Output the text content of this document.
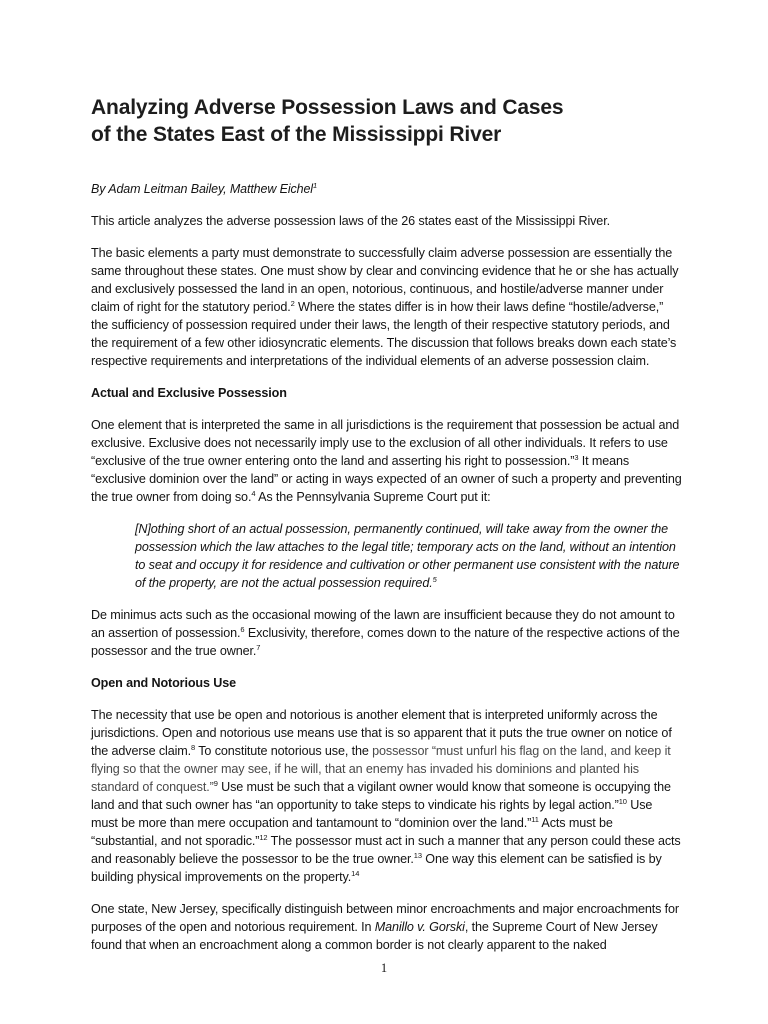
Analyzing Adverse Possession Laws and Cases
of the States East of the Mississippi River

By Adam Leitman Bailey, Matthew Eichel$^1$

This article analyzes the adverse possession laws of the 26 states east of the Mississippi River.

The basic elements a party must demonstrate to successfully claim adverse possession are essentially the same throughout these states. One must show by clear and convincing evidence that he or she has actually and exclusively possessed the land in an open, notorious, continuous, and hostile/adverse manner under claim of right for the statutory period.$^2$ Where the states differ is in how their laws define “hostile/adverse,” the sufficiency of possession required under their laws, the length of their respective statutory periods, and the requirement of a few other idiosyncratic elements. The discussion that follows breaks down each state’s respective requirements and interpretations of the individual elements of an adverse possession claim.

Actual and Exclusive Possession

One element that is interpreted the same in all jurisdictions is the requirement that possession be actual and exclusive. Exclusive does not necessarily imply use to the exclusion of all other individuals. It refers to use “exclusive of the true owner entering onto the land and asserting his right to possession.”$^3$ It means “exclusive dominion over the land” or acting in ways expected of an owner of such a property and preventing the true owner from doing so.$^4$ As the Pennsylvania Supreme Court put it:

[N]othing short of an actual possession, permanently continued, will take away from the owner the possession which the law attaches to the legal title; temporary acts on the land, without an intention to seat and occupy it for residence and cultivation or other permanent use consistent with the nature of the property, are not the actual possession required.$^5$

De minimus acts such as the occasional mowing of the lawn are insufficient because they do not amount to an assertion of possession.$^6$ Exclusivity, therefore, comes down to the nature of the respective actions of the possessor and the true owner.$^7$

Open and Notorious Use

The necessity that use be open and notorious is another element that is interpreted uniformly across the jurisdictions. Open and notorious use means use that is so apparent that it puts the true owner on notice of the adverse claim.$^8$ To constitute notorious use, the possessor “must unfurl his flag on the land, and keep it flying so that the owner may see, if he will, that an enemy has invaded his dominions and planted his standard of conquest.”$^9$ Use must be such that a vigilant owner would know that someone is occupying the land and that such owner has “an opportunity to take steps to vindicate his rights by legal action.”$^{10}$ Use must be more than mere occupation and tantamount to “dominion over the land.”$^{11}$ Acts must be “substantial, and not sporadic.”$^{12}$ The possessor must act in such a manner that any person could these acts and reasonably believe the possessor to be the true owner.$^{13}$ One way this element can be satisfied is by building physical improvements on the property.$^{14}$

One state, New Jersey, specifically distinguish between minor encroachments and major encroachments for purposes of the open and notorious requirement. In Manillo v. Gorski, the Supreme Court of New Jersey found that when an encroachment along a common border is not clearly apparent to the naked

1
